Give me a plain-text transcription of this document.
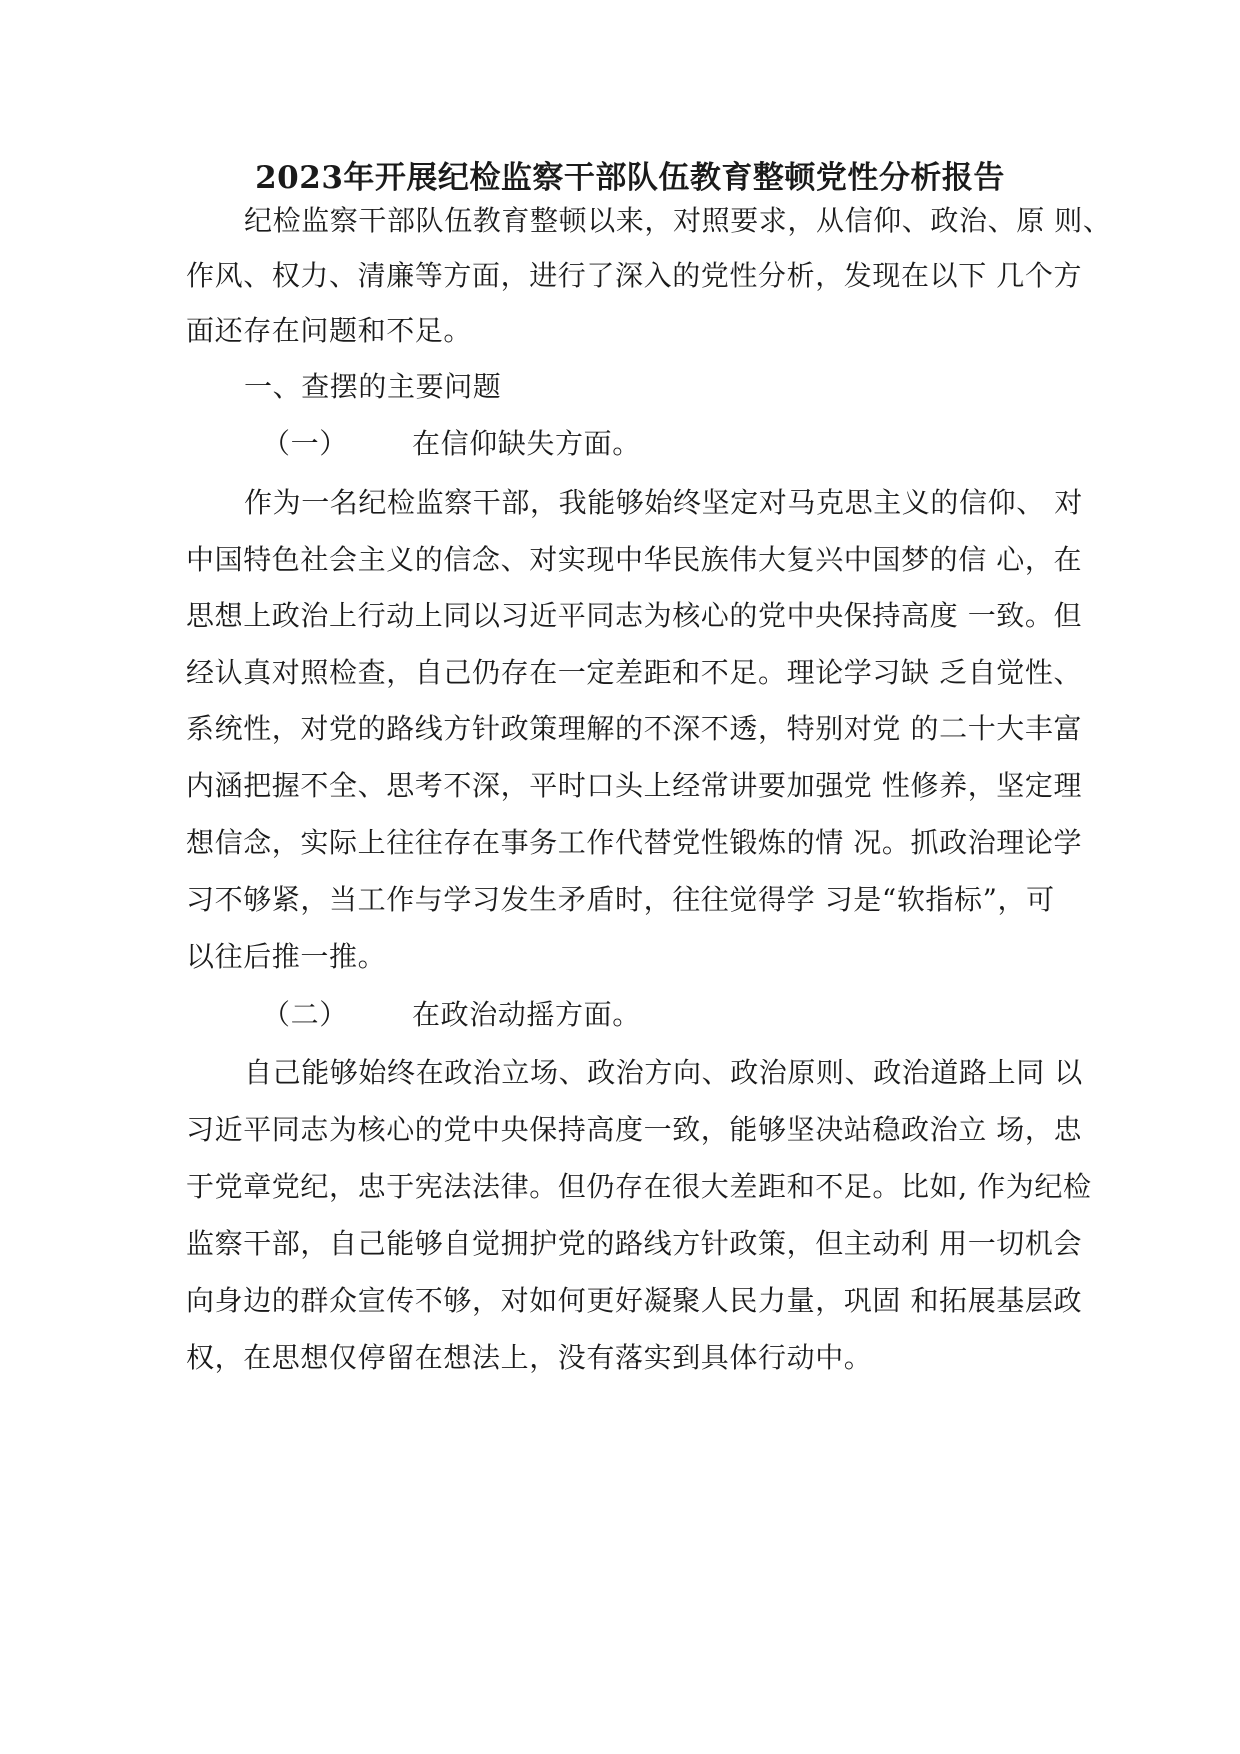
2023年开展纪检监察干部队伍教育整顿党性分析报告
纪检监察干部队伍教育整顿以来，对照要求，从信仰、政治、原 则、
作风、权力、清廉等方面，进行了深入的党性分析，发现在以下 几个方
面还存在问题和不足。
一、查摆的主要问题
（一） 在信仰缺失方面。
作为一名纪检监察干部，我能够始终坚定对马克思主义的信仰、 对
中国特色社会主义的信念、对实现中华民族伟大复兴中国梦的信 心，在
思想上政治上行动上同以习近平同志为核心的党中央保持高度 一致。但
经认真对照检查，自己仍存在一定差距和不足。理论学习缺 乏自觉性、
系统性，对党的路线方针政策理解的不深不透，特别对党 的二十大丰富
内涵把握不全、思考不深，平时口头上经常讲要加强党 性修养，坚定理
想信念，实际上往往存在事务工作代替党性锻炼的情 况。抓政治理论学
习不够紧，当工作与学习发生矛盾时，往往觉得学 习是“软指标”，可
以往后推一推。
（二） 在政治动摇方面。
自己能够始终在政治立场、政治方向、政治原则、政治道路上同 以
习近平同志为核心的党中央保持高度一致，能够坚决站稳政治立 场，忠
于党章党纪，忠于宪法法律。但仍存在很大差距和不足。比如, 作为纪检
监察干部，自己能够自觉拥护党的路线方针政策，但主动利 用一切机会
向身边的群众宣传不够，对如何更好凝聚人民力量，巩固 和拓展基层政
权，在思想仅停留在想法上，没有落实到具体行动中。
